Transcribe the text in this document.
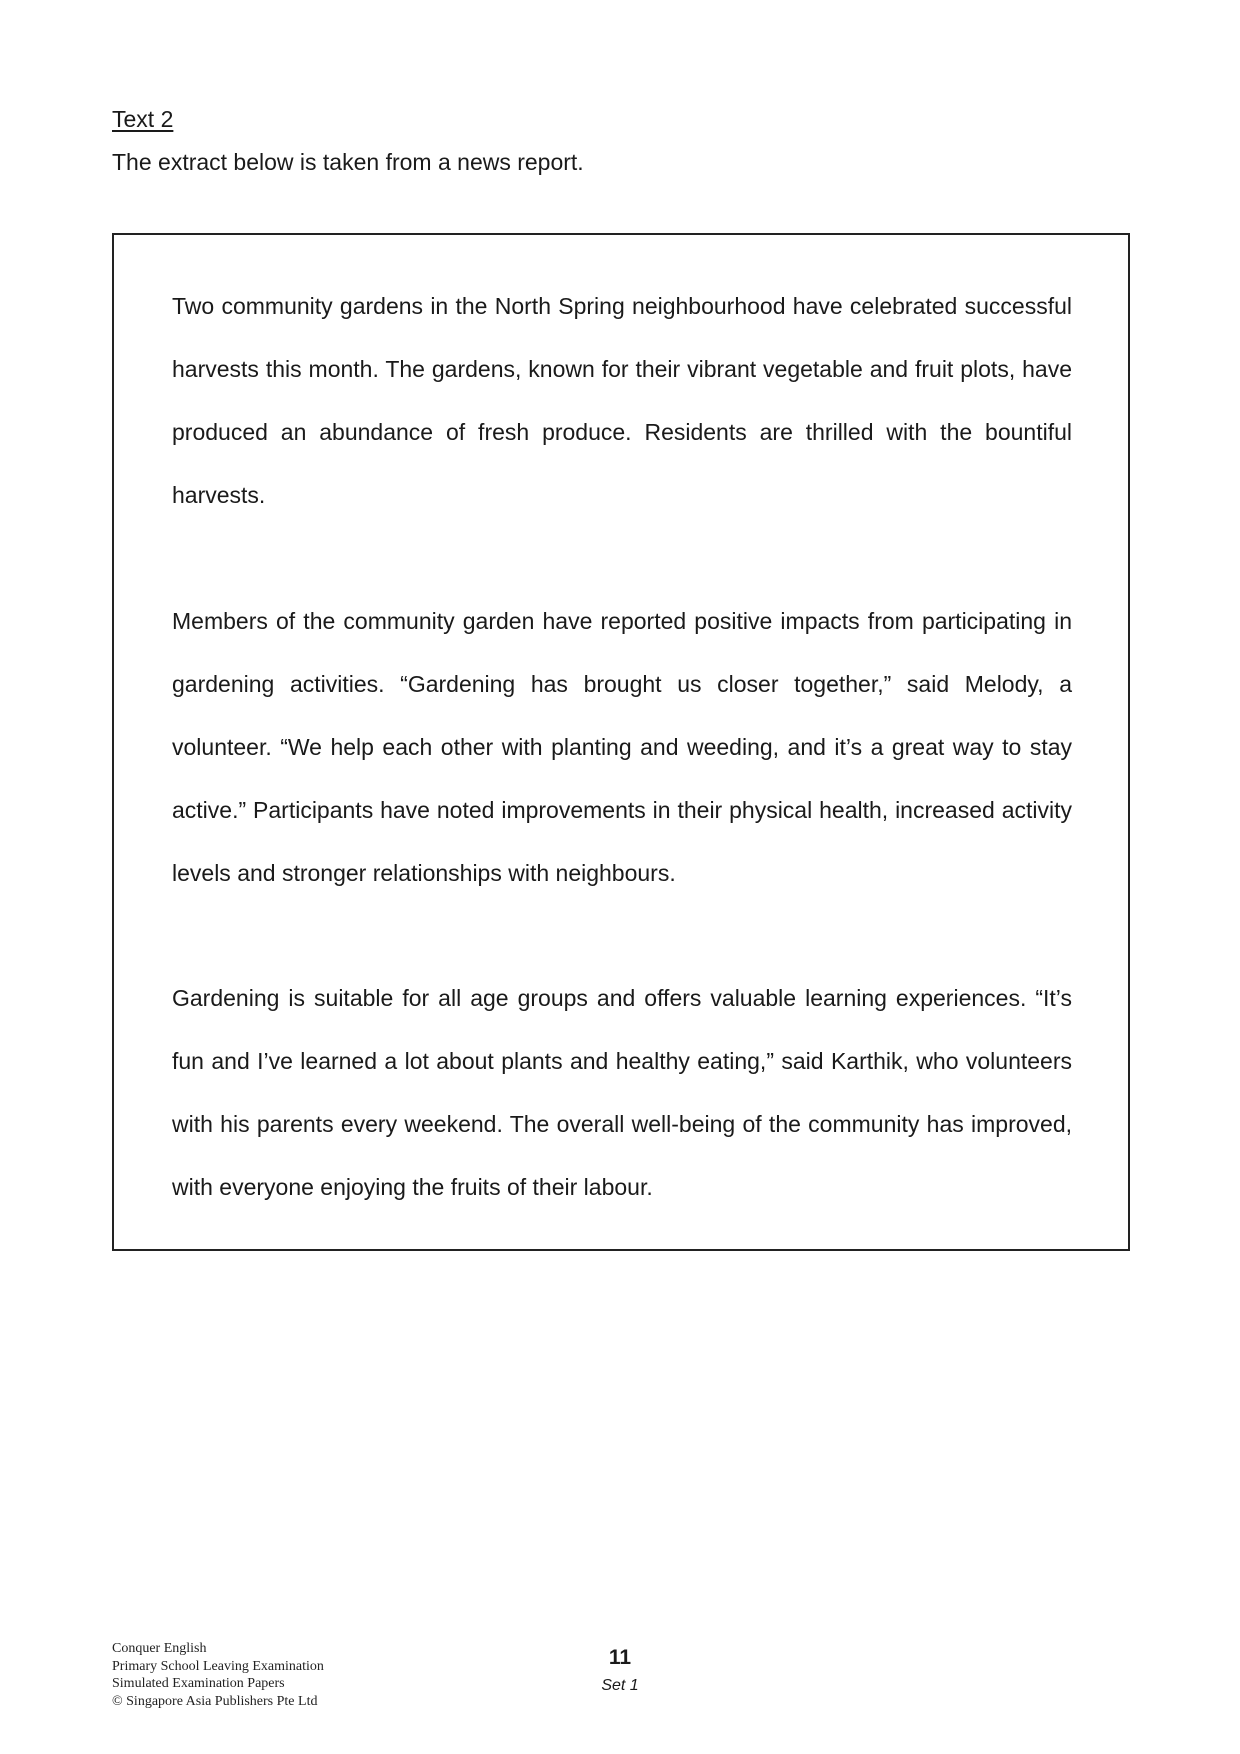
Text 2

The extract below is taken from a news report.

Two community gardens in the North Spring neighbourhood have celebrated successful harvests this month. The gardens, known for their vibrant vegetable and fruit plots, have produced an abundance of fresh produce. Residents are thrilled with the bountiful harvests.

Members of the community garden have reported positive impacts from participating in gardening activities. “Gardening has brought us closer together,” said Melody, a volunteer. “We help each other with planting and weeding, and it’s a great way to stay active.” Participants have noted improvements in their physical health, increased activity levels and stronger relationships with neighbours.

Gardening is suitable for all age groups and offers valuable learning experiences. “It’s fun and I’ve learned a lot about plants and healthy eating,” said Karthik, who volunteers with his parents every weekend. The overall well-being of the community has improved, with everyone enjoying the fruits of their labour.

Conquer English
Primary School Leaving Examination
Simulated Examination Papers
© Singapore Asia Publishers Pte Ltd

11

Set 1
